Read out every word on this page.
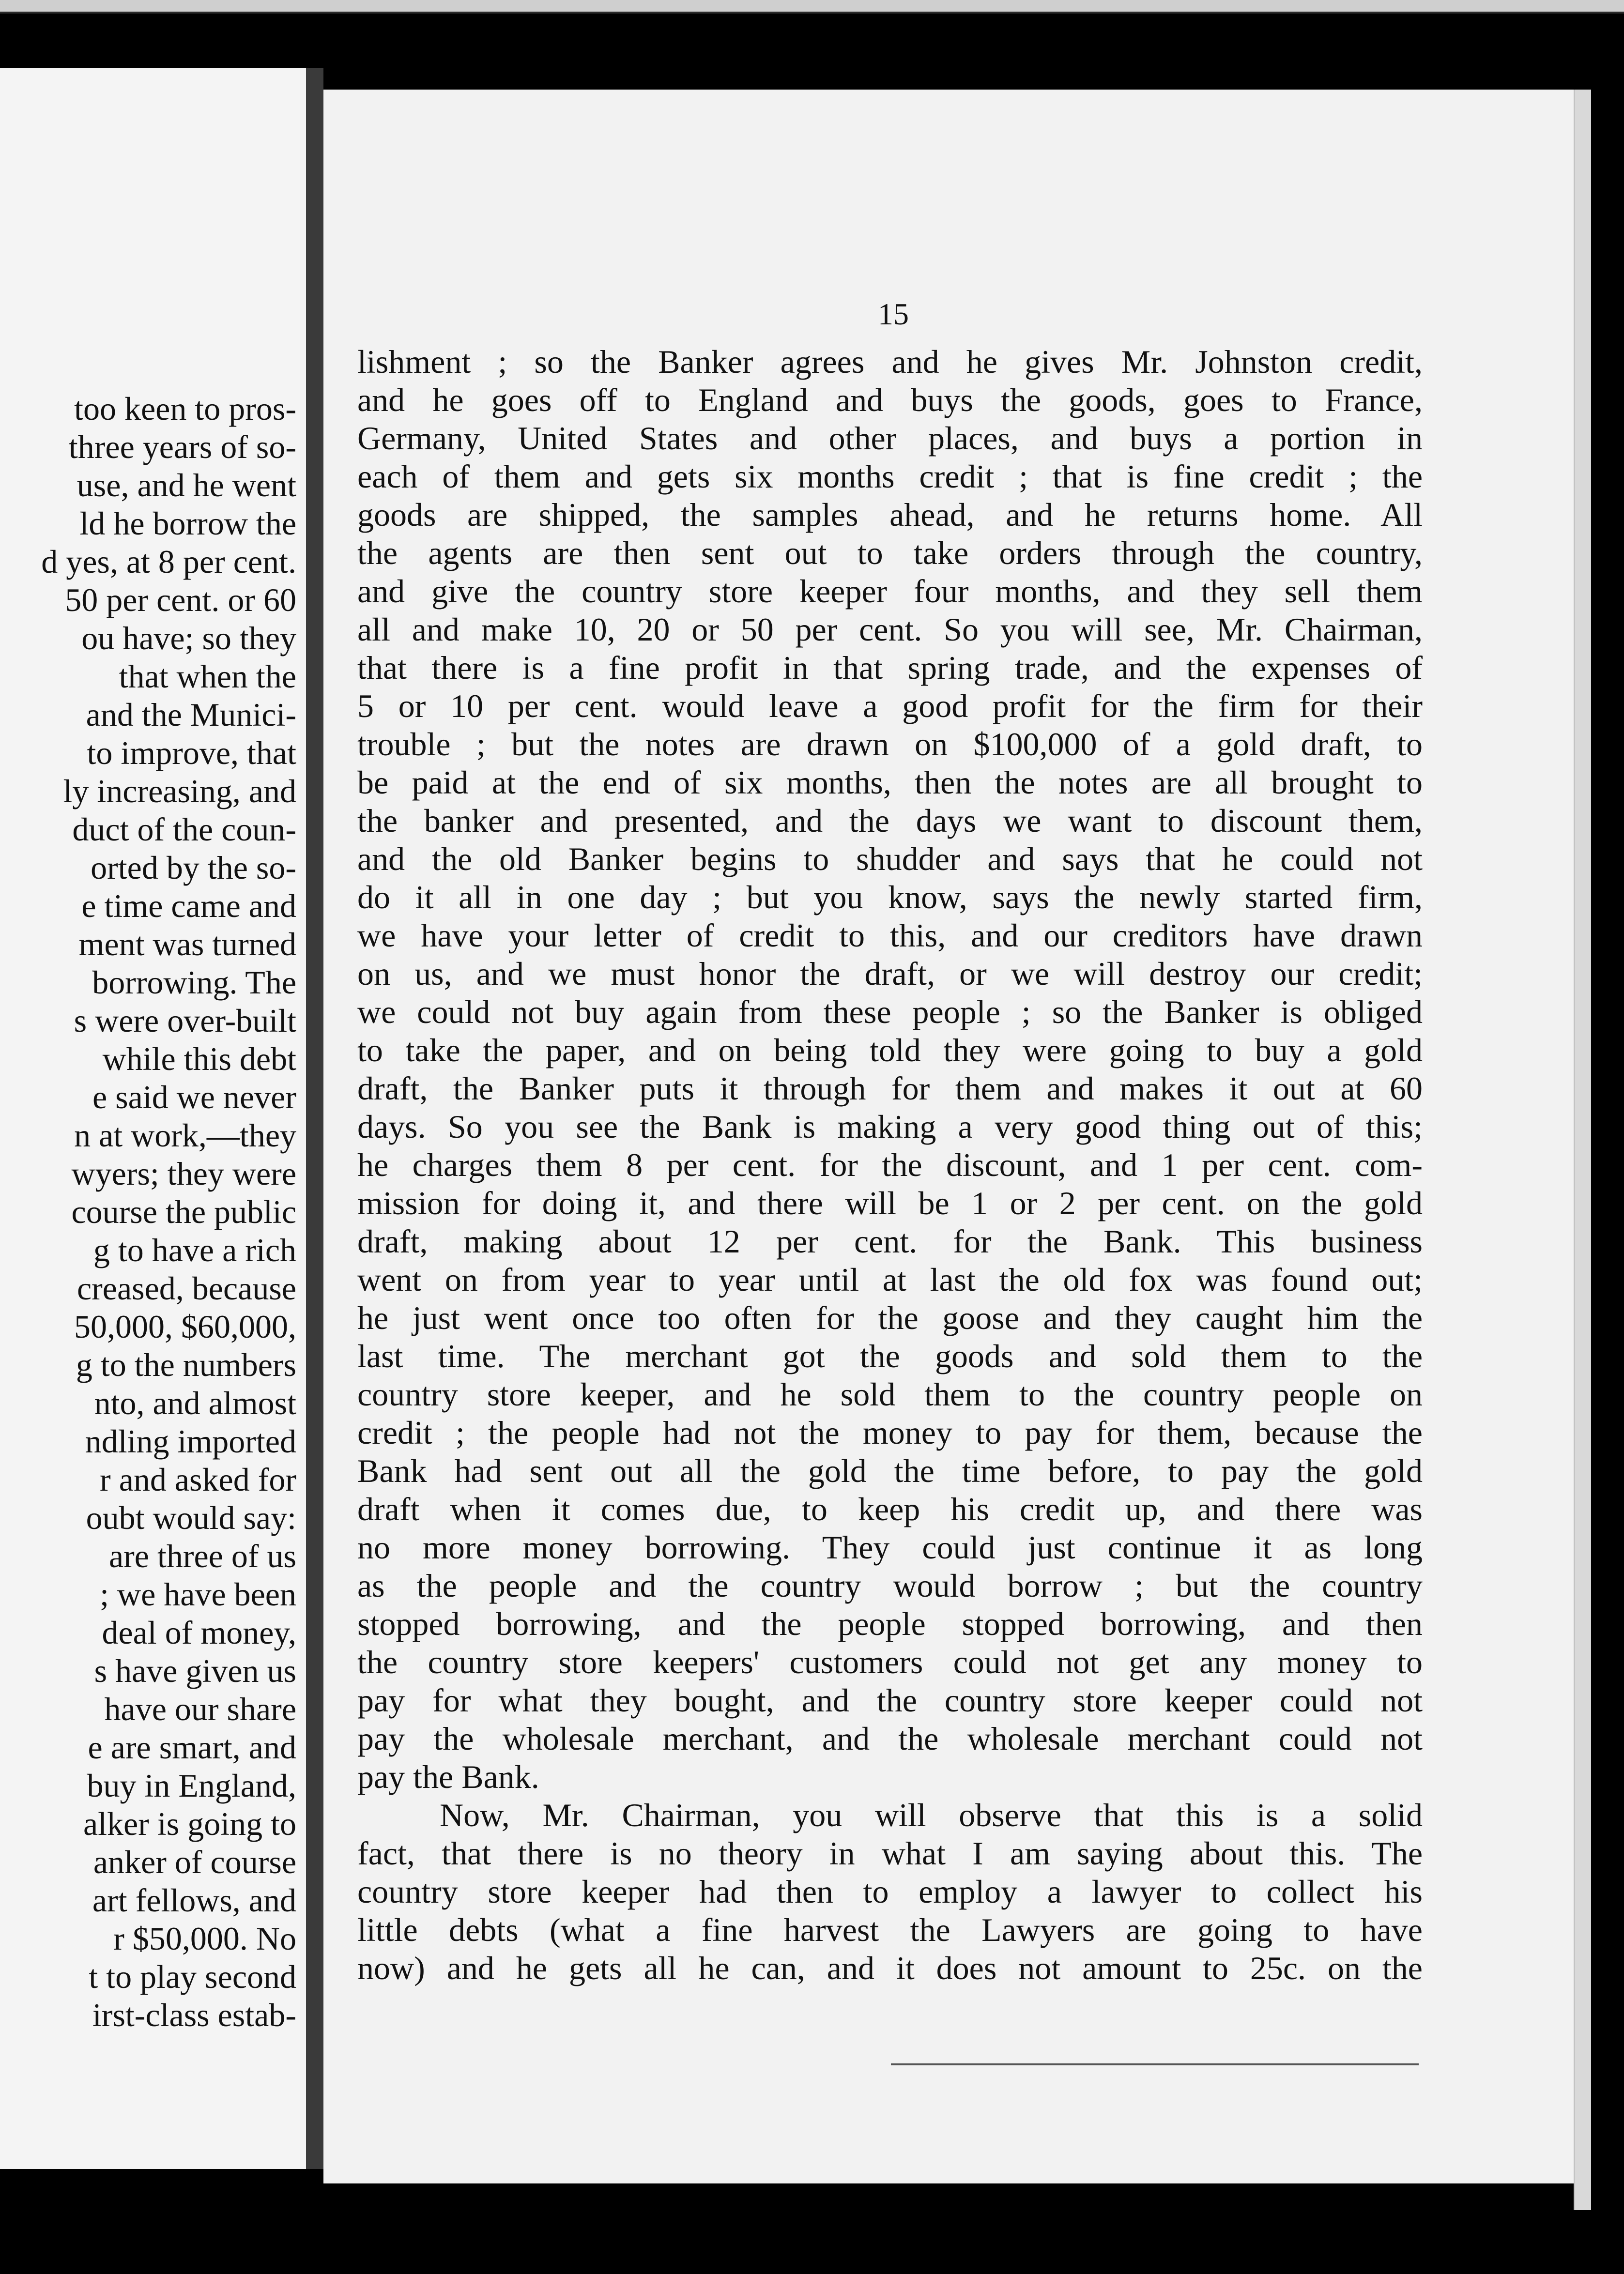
too keen to pros-
three years of so-
use, and he went
ld he borrow the
d yes, at 8 per cent.
50 per cent. or 60
ou have; so they
that when the
and the Munici-
to improve, that
ly increasing, and
duct of the coun-
orted by the so-
e time came and
ment was turned
borrowing. The
s were over-built
while this debt
e said we never
n at work,—they
wyers; they were
course the public
g to have a rich
creased, because
50,000, $60,000,
g to the numbers
nto, and almost
ndling imported
r and asked for
oubt would say:
are three of us
; we have been
deal of money,
s have given us
have our share
e are smart, and
buy in England,
alker is going to
anker of course
art fellows, and
r $50,000. No
t to play second
irst-class estab-
15
lishment ; so the Banker agrees and he gives Mr. Johnston credit,
and he goes off to England and buys the goods, goes to France,
Germany, United States and other places, and buys a portion in
each of them and gets six months credit ; that is fine credit ; the
goods are shipped, the samples ahead, and he returns home. All
the agents are then sent out to take orders through the country,
and give the country store keeper four months, and they sell them
all and make 10, 20 or 50 per cent. So you will see, Mr. Chairman,
that there is a fine profit in that spring trade, and the expenses of
5 or 10 per cent. would leave a good profit for the firm for their
trouble ; but the notes are drawn on $100,000 of a gold draft, to
be paid at the end of six months, then the notes are all brought to
the banker and presented, and the days we want to discount them,
and the old Banker begins to shudder and says that he could not
do it all in one day ; but you know, says the newly started firm,
we have your letter of credit to this, and our creditors have drawn
on us, and we must honor the draft, or we will destroy our credit;
we could not buy again from these people ; so the Banker is obliged
to take the paper, and on being told they were going to buy a gold
draft, the Banker puts it through for them and makes it out at 60
days. So you see the Bank is making a very good thing out of this;
he charges them 8 per cent. for the discount, and 1 per cent. com-
mission for doing it, and there will be 1 or 2 per cent. on the gold
draft, making about 12 per cent. for the Bank. This business
went on from year to year until at last the old fox was found out;
he just went once too often for the goose and they caught him the
last time. The merchant got the goods and sold them to the
country store keeper, and he sold them to the country people on
credit ; the people had not the money to pay for them, because the
Bank had sent out all the gold the time before, to pay the gold
draft when it comes due, to keep his credit up, and there was
no more money borrowing. They could just continue it as long
as the people and the country would borrow ; but the country
stopped borrowing, and the people stopped borrowing, and then
the country store keepers' customers could not get any money to
pay for what they bought, and the country store keeper could not
pay the wholesale merchant, and the wholesale merchant could not
pay the Bank.
Now, Mr. Chairman, you will observe that this is a solid
fact, that there is no theory in what I am saying about this. The
country store keeper had then to employ a lawyer to collect his
little debts (what a fine harvest the Lawyers are going to have
now) and he gets all he can, and it does not amount to 25c. on the
